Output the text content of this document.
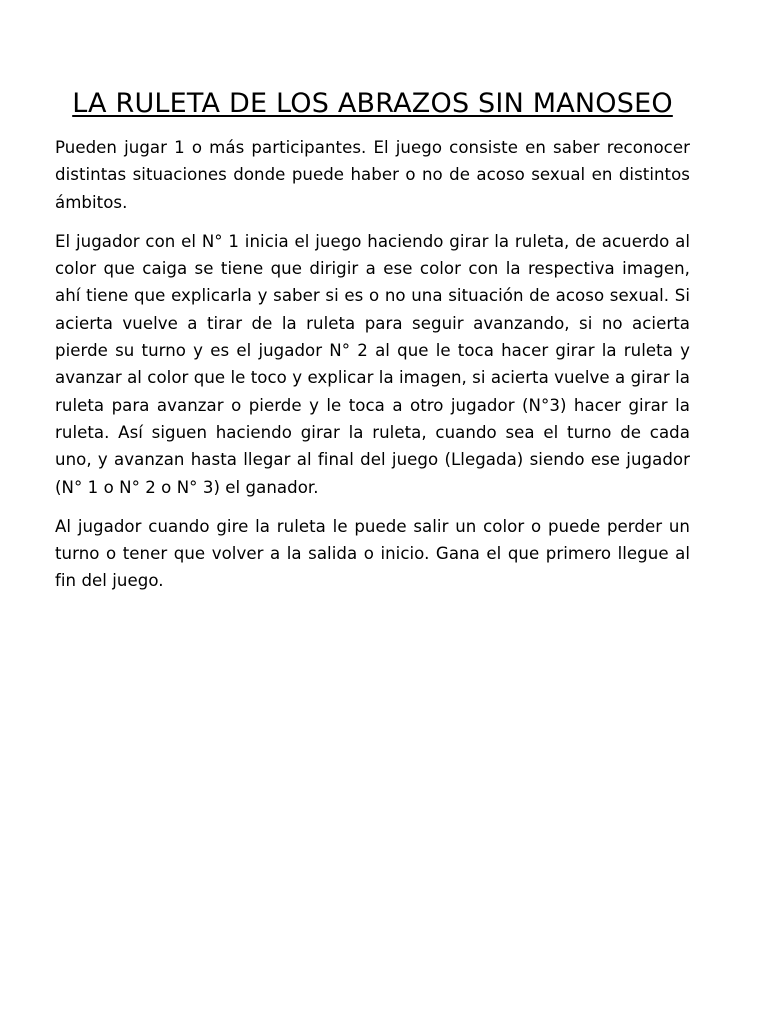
LA RULETA DE LOS ABRAZOS SIN MANOSEO

Pueden jugar 1 o más participantes. El juego consiste en saber reconocer distintas situaciones donde puede haber o no de acoso sexual en distintos ámbitos.

El jugador con el N° 1 inicia el juego haciendo girar la ruleta, de acuerdo al color que caiga se tiene que dirigir a ese color con la respectiva imagen, ahí tiene que explicarla y saber si es o no una situación de acoso sexual. Si acierta vuelve a tirar de la ruleta para seguir avanzando, si no acierta pierde su turno y es el jugador N° 2 al que le toca hacer girar la ruleta y avanzar al color que le toco y explicar la imagen, si acierta vuelve a girar la ruleta para avanzar o pierde y le toca a otro jugador (N°3) hacer girar la ruleta. Así siguen haciendo girar la ruleta, cuando sea el turno de cada uno, y avanzan hasta llegar al final del juego (Llegada) siendo ese jugador (N° 1 o N° 2 o N° 3) el ganador.

Al jugador cuando gire la ruleta le puede salir un color o puede perder un turno o tener que volver a la salida o inicio. Gana el que primero llegue al fin del juego.
